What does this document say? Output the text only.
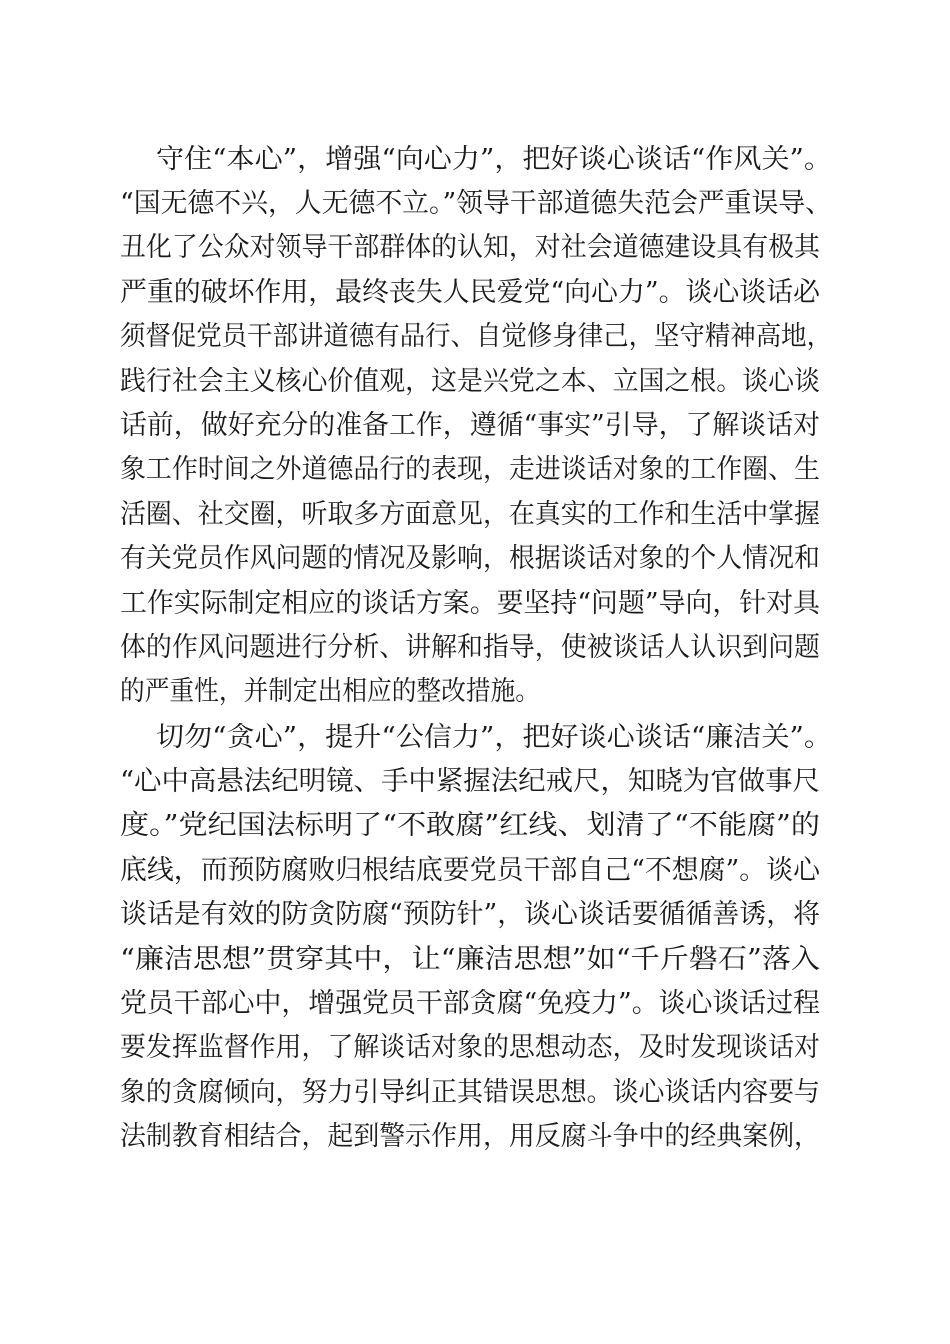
守住“本心”，增强“向心力”，把好谈心谈话“作风关”。
“国无德不兴，人无德不立。”领导干部道德失范会严重误导、
丑化了公众对领导干部群体的认知，对社会道德建设具有极其
严重的破坏作用，最终丧失人民爱党“向心力”。谈心谈话必
须督促党员干部讲道德有品行、自觉修身律己，坚守精神高地，
践行社会主义核心价值观，这是兴党之本、立国之根。谈心谈
话前，做好充分的准备工作，遵循“事实”引导，了解谈话对
象工作时间之外道德品行的表现，走进谈话对象的工作圈、生
活圈、社交圈，听取多方面意见，在真实的工作和生活中掌握
有关党员作风问题的情况及影响，根据谈话对象的个人情况和
工作实际制定相应的谈话方案。要坚持“问题”导向，针对具
体的作风问题进行分析、讲解和指导，使被谈话人认识到问题
的严重性，并制定出相应的整改措施。
切勿“贪心”，提升“公信力”，把好谈心谈话“廉洁关”。
“心中高悬法纪明镜、手中紧握法纪戒尺，知晓为官做事尺
度。”党纪国法标明了“不敢腐”红线、划清了“不能腐”的
底线，而预防腐败归根结底要党员干部自己“不想腐”。谈心
谈话是有效的防贪防腐“预防针”，谈心谈话要循循善诱，将
“廉洁思想”贯穿其中，让“廉洁思想”如“千斤磐石”落入
党员干部心中，增强党员干部贪腐“免疫力”。谈心谈话过程
要发挥监督作用，了解谈话对象的思想动态，及时发现谈话对
象的贪腐倾向，努力引导纠正其错误思想。谈心谈话内容要与
法制教育相结合，起到警示作用，用反腐斗争中的经典案例，
